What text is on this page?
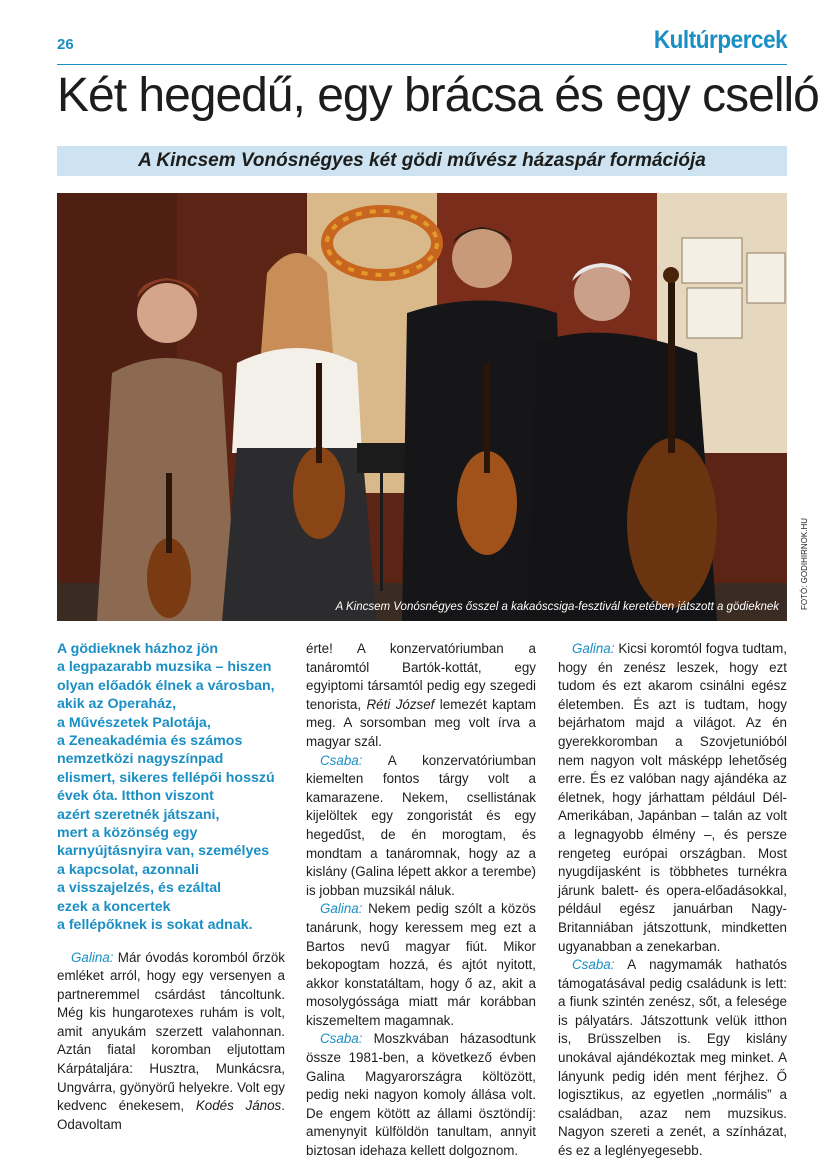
26	Kultúrpercek
Két hegedű, egy brácsa és egy cselló
A Kincsem Vonósnégyes két gödi művész házaspár formációja
A Kincsem Vonósnégyes ősszel a kakaóscsiga-fesztivál keretében játszott a gödieknek	FOTÓ: GODIHIRNOK.HU

A gödieknek házhoz jön

a legpazarabb muzsika – hiszen

olyan előadók élnek a városban,

akik az Operaház,

a Művészetek Palotája,

a Zeneakadémia és számos

nemzetközi nagyszínpad

elismert, sikeres fellépői hosszú

évek óta. Itthon viszont

azért szeretnék játszani,

mert a közönség egy

karnyújtásnyira van, személyes

a kapcsolat, azonnali

a visszajelzés, és ezáltal

ezek a koncertek

a fellépőknek is sokat adnak.

Galina: Már óvodás koromból őrzök emléket arról, hogy egy versenyen a partneremmel csárdást táncoltunk. Még kis hungarotexes ruhám is volt, amit anyukám szerzett valahonnan. Aztán fiatal koromban eljutottam Kárpátaljára: Husztra, Munkácsra, Ungvárra, gyönyörű helyekre. Volt egy kedvenc énekesem, Kodés János. Odavoltam

érte! A konzervatóriumban a tanáromtól Bartók-kottát, egy egyiptomi társamtól pedig egy szegedi tenorista, Réti József lemezét kaptam meg. A sorsomban meg volt írva a magyar szál.

Csaba: A konzervatóriumban kiemelten fontos tárgy volt a kamarazene. Nekem, csellistának kijelöltek egy zongoristát és egy hegedűst, de én morogtam, és mondtam a tanáromnak, hogy az a kislány (Galina lépett akkor a terembe) is jobban muzsikál náluk.

Galina: Nekem pedig szólt a közös tanárunk, hogy keressem meg ezt a Bartos nevű magyar fiút. Mikor bekopogtam hozzá, és ajtót nyitott, akkor konstatáltam, hogy ő az, akit a mosolygóssága miatt már korábban kiszemeltem magamnak.

Csaba: Moszkvában házasodtunk össze 1981-ben, a következő évben Galina Magyarországra költözött, pedig neki nagyon komoly állása volt. De engem kötött az állami ösztöndíj: amenynyit külföldön tanultam, annyit biztosan idehaza kellett dolgoznom.

Galina: Kicsi koromtól fogva tudtam, hogy én zenész leszek, hogy ezt tudom és ezt akarom csinálni egész életemben. És azt is tudtam, hogy bejárhatom majd a világot. Az én gyerekkoromban a Szovjetunióból nem nagyon volt másképp lehetőség erre. És ez valóban nagy ajándéka az életnek, hogy járhattam például Dél-Amerikában, Japánban – talán az volt a legnagyobb élmény –, és persze rengeteg európai országban. Most nyugdíjasként is többhetes turnékra járunk balett- és opera-előadásokkal, például egész januárban Nagy-Britanniában játszottunk, mindketten ugyanabban a zenekarban.

Csaba: A nagymamák hathatós támogatásával pedig családunk is lett: a fiunk szintén zenész, sőt, a felesége is pályatárs. Játszottunk velük itthon is, Brüsszelben is. Egy kislány unokával ajándékoztak meg minket. A lányunk pedig idén ment férjhez. Ő logisztikus, az egyetlen „normális” a családban, azaz nem muzsikus. Nagyon szereti a zenét, a színházat, és ez a leglényegesebb.
